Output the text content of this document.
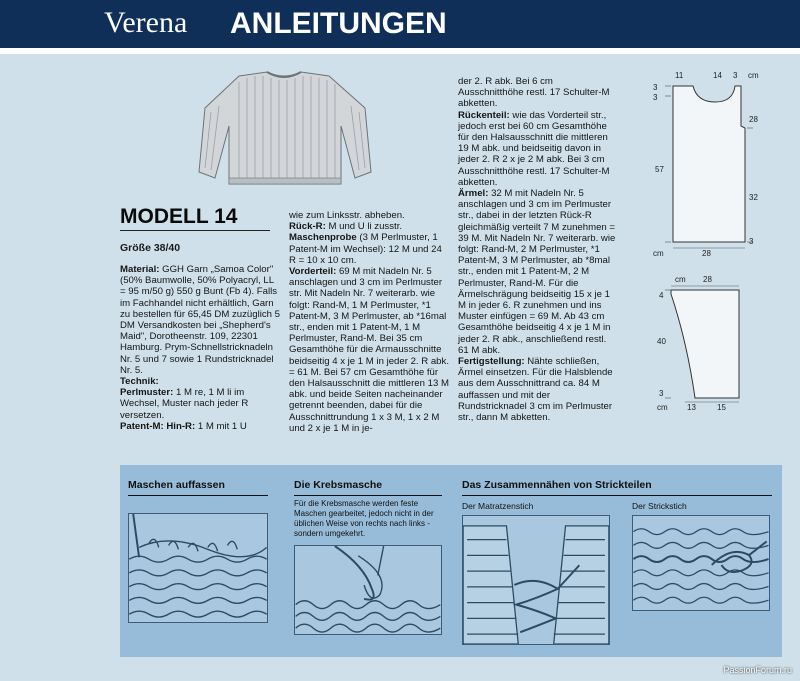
Verena ANLEITUNGEN
MODELL 14
Größe 38/40

Material: GGH Garn „Samoa Color" (50% Baumwolle, 50% Polyacryl, LL = 95 m/50 g) 550 g Bunt (Fb 4). Falls im Fachhandel nicht erhältlich, Garn zu bestellen für 65,45 DM zuzüglich 5 DM Versandkosten bei „Shepherd's Maid", Dorotheenstr. 109, 22301 Hamburg. Prym-Schnellstricknadeln Nr. 5 und 7 sowie 1 Rundstricknadel Nr. 5.

Technik:

Perlmuster: 1 M re, 1 M li im Wechsel, Muster nach jeder R versetzen.

Patent-M: Hin-R: 1 M mit 1 U

wie zum Linksstr. abheben.

Rück-R: M und U li zusstr.

Maschenprobe (3 M Perlmuster, 1 Patent-M im Wechsel): 12 M und 24 R = 10 x 10 cm.

Vorderteil: 69 M mit Nadeln Nr. 5 anschlagen und 3 cm im Perlmuster str. Mit Nadeln Nr. 7 weiterarb. wie folgt: Rand-M, 1 M Perlmuster, *1 Patent-M, 3 M Perlmuster, ab *16mal str., enden mit 1 Patent-M, 1 M Perlmuster, Rand-M. Bei 35 cm Gesamthöhe für die Armausschnitte beidseitig 4 x je 1 M in jeder 2. R abk. = 61 M. Bei 57 cm Gesamthöhe für den Halsausschnitt die mittleren 13 M abk. und beide Seiten nacheinander getrennt beenden, dabei für die Ausschnittrundung 1 x 3 M, 1 x 2 M und 2 x je 1 M in je-

der 2. R abk. Bei 6 cm Ausschnitthöhe restl. 17 Schulter-M abketten.

Rückenteil: wie das Vorderteil str., jedoch erst bei 60 cm Gesamthöhe für den Halsausschnitt die mittleren 19 M abk. und beidseitig davon in jeder 2. R 2 x je 2 M abk. Bei 3 cm Ausschnitthöhe restl. 17 Schulter-M abketten.

Ärmel: 32 M mit Nadeln Nr. 5 anschlagen und 3 cm im Perlmuster str., dabei in der letzten Rück-R gleichmäßig verteilt 7 M zunehmen = 39 M. Mit Nadeln Nr. 7 weiterarb. wie folgt: Rand-M, 2 M Perlmuster, *1 Patent-M, 3 M Perlmuster, ab *8mal str., enden mit 1 Patent-M, 2 M Perlmuster, Rand-M. Für die Ärmelschrägung beidseitig 15 x je 1 M in jeder 6. R zunehmen und ins Muster einfügen = 69 M. Ab 43 cm Gesamthöhe beidseitig 4 x je 1 M in jeder 2. R abk., anschließend restl. 61 M abk.

Fertigstellung: Nähte schließen, Ärmel einsetzen. Für die Halsblende aus dem Ausschnittrand ca. 84 M auffassen und mit der Rundstricknadel 3 cm im Perlmuster str., dann M abketten.

11	14 3 cm
3
3
57
28
32
3
cm	28
cm 28
4
40
3
cm 13	15
Maschen auffassen	Die Krebsmasche
Für die Krebsmasche werden feste Maschen gearbeitet, jedoch nicht in der üblichen Weise von rechts nach links - sondern umgekehrt.
Das Zusammennähen von Strickteilen
Der Matratzenstich	Der Strickstich
PassionForum.ru
